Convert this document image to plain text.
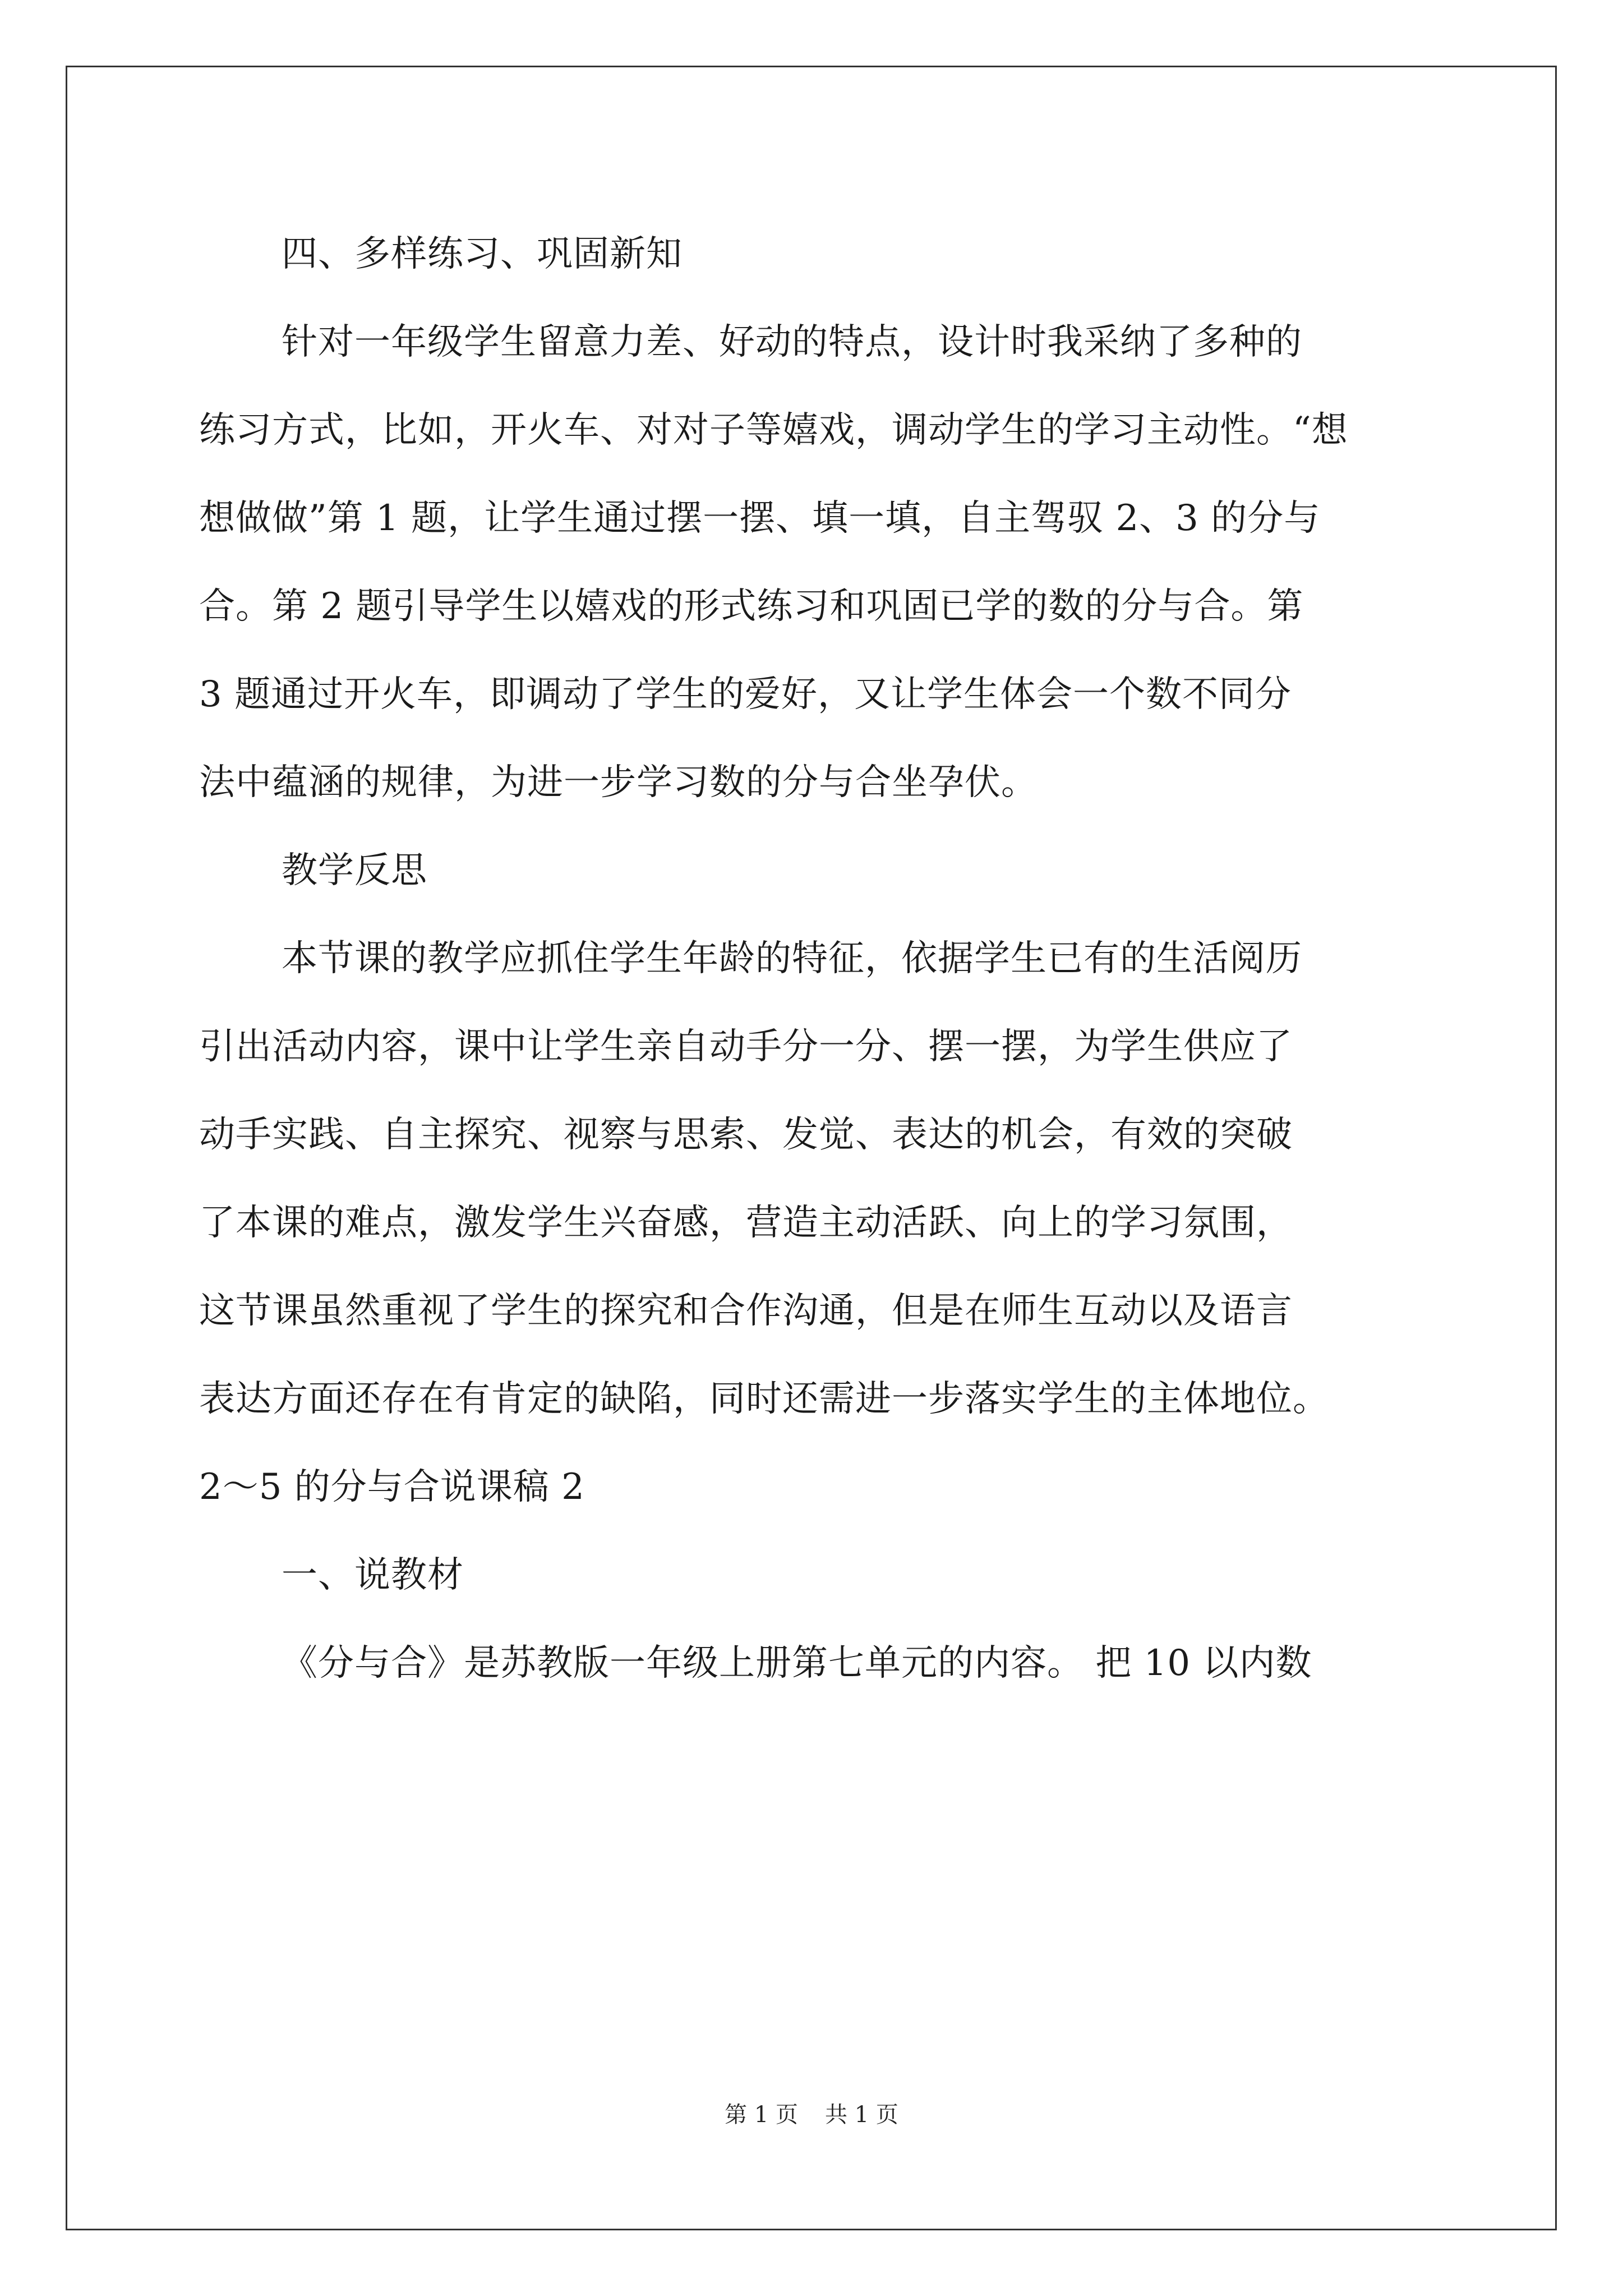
四、多样练习、巩固新知
针对一年级学生留意力差、好动的特点，设计时我采纳了多种的
练习方式，比如，开火车、对对子等嬉戏，调动学生的学习主动性。“想
想做做”第 1 题，让学生通过摆一摆、填一填，自主驾驭 2、3 的分与
合。第 2 题引导学生以嬉戏的形式练习和巩固已学的数的分与合。第
3 题通过开火车，即调动了学生的爱好，又让学生体会一个数不同分
法中蕴涵的规律，为进一步学习数的分与合坐孕伏。
教学反思
本节课的教学应抓住学生年龄的特征，依据学生已有的生活阅历
引出活动内容，课中让学生亲自动手分一分、摆一摆，为学生供应了
动手实践、自主探究、视察与思索、发觉、表达的机会，有效的突破
了本课的难点，激发学生兴奋感，营造主动活跃、向上的学习氛围，
这节课虽然重视了学生的探究和合作沟通，但是在师生互动以及语言
表达方面还存在有肯定的缺陷，同时还需进一步落实学生的主体地位。
2～5 的分与合说课稿 2
一、说教材
《分与合》是苏教版一年级上册第七单元的内容。 把 10 以内数
第 1 页 共 1 页
